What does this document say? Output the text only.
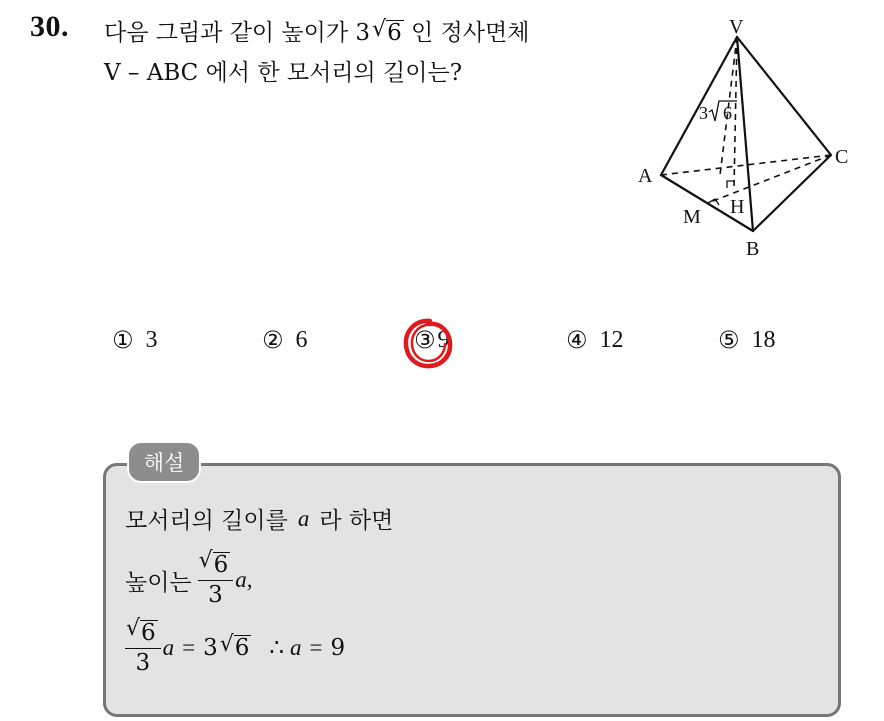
30. 다음 그림과 같이 높이가 3 √ 6 인 정사면체
V – ABC 에서 한 모서리의 길이는?
V
A
C
B
H
M
3 6
① 3	② 6	③ 9	④ 12	⑤ 18
해설
모서리의 길이를 a 라 하면
높이는 √ $\frac{6}{3} a$,
√ $\frac{6}{3}$ a = 3 √ 6 ∴ a = 9
